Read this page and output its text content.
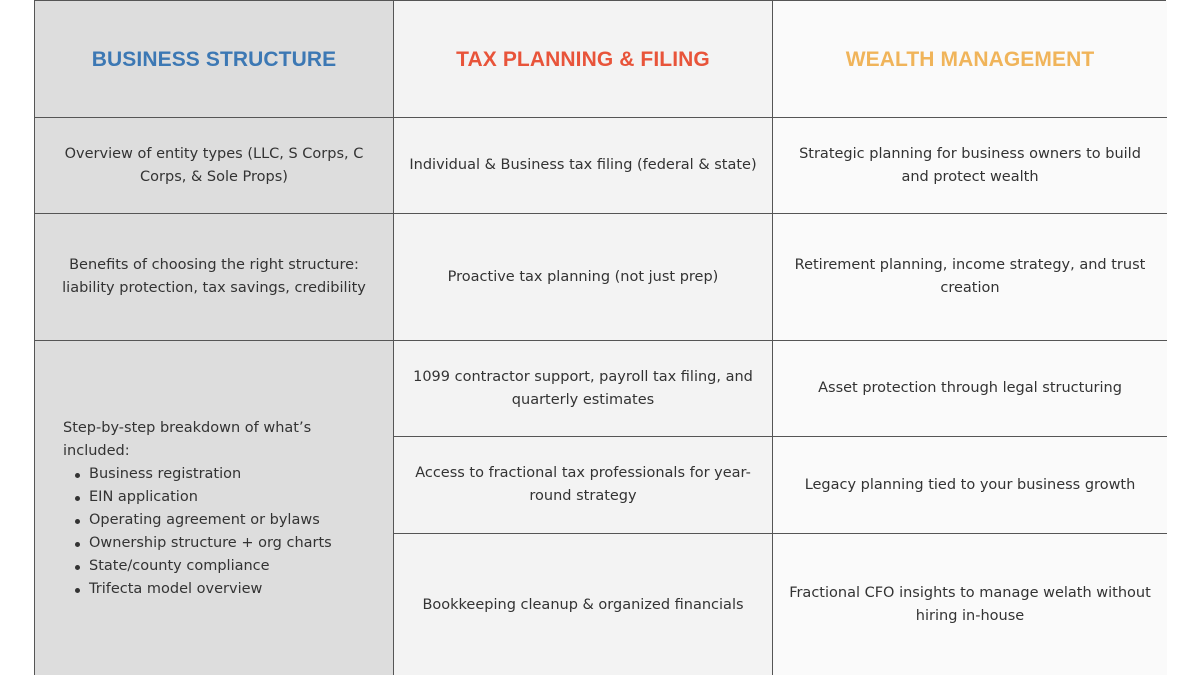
BUSINESS STRUCTURE	TAX PLANNING & FILING	WEALTH MANAGEMENT
Overview of entity types (LLC, S Corps, C Corps, & Sole Props)
Benefits of choosing the right structure: liability protection, tax savings, credibility

Step-by-step breakdown of what’s included:

Business registration
EIN application
Operating agreement or bylaws
Ownership structure + org charts
State/county compliance
Trifecta model overview
Individual & Business tax filing (federal & state)
Proactive tax planning (not just prep)
1099 contractor support, payroll tax filing, and quarterly estimates
Access to fractional tax professionals for year-round strategy
Bookkeeping cleanup & organized financials
Strategic planning for business owners to build and protect wealth
Retirement planning, income strategy, and trust creation
Asset protection through legal structuring
Legacy planning tied to your business growth
Fractional CFO insights to manage welath without hiring in-house
